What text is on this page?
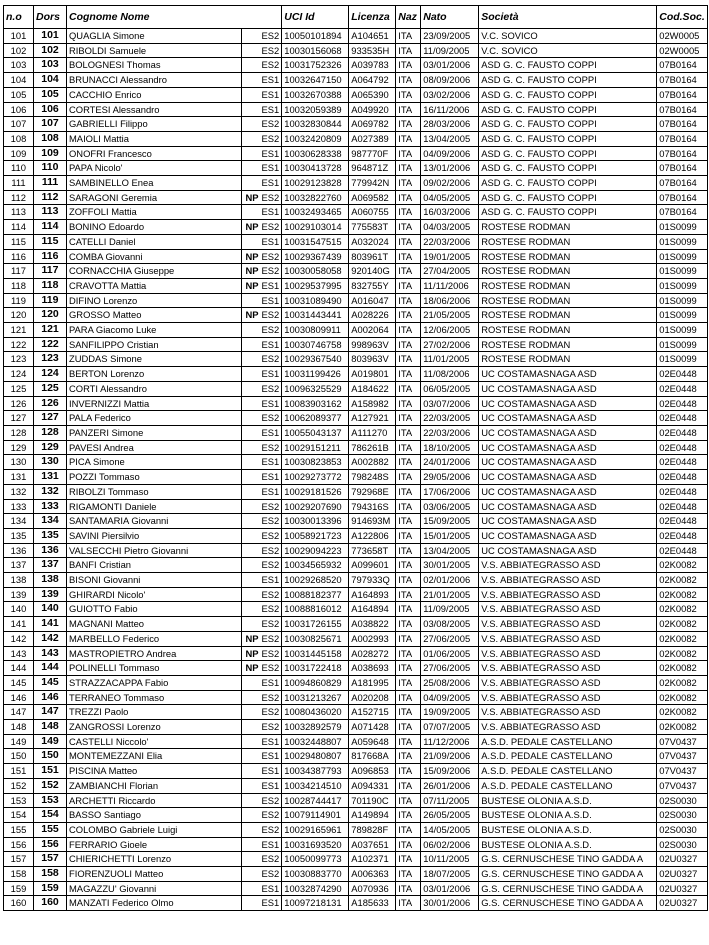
n.o	Dors	Cognome Nome			UCI Id	Licenza	Naz	Nato	Società	Cod.Soc.
101	101	QUAGLIA Simone		ES2	10050101894	A104651	ITA	23/09/2005	V.C. SOVICO	02W0005
102	102	RIBOLDI Samuele		ES2	10030156068	933535H	ITA	11/09/2005	V.C. SOVICO	02W0005
103	103	BOLOGNESI Thomas		ES2	10031752326	A039783	ITA	03/01/2006	ASD G. C. FAUSTO COPPI	07B0164
104	104	BRUNACCI Alessandro		ES1	10032647150	A064792	ITA	08/09/2006	ASD G. C. FAUSTO COPPI	07B0164
105	105	CACCHIO Enrico		ES1	10032670388	A065390	ITA	03/02/2006	ASD G. C. FAUSTO COPPI	07B0164
106	106	CORTESI Alessandro		ES1	10032059389	A049920	ITA	16/11/2006	ASD G. C. FAUSTO COPPI	07B0164
107	107	GABRIELLI Filippo		ES2	10032830844	A069782	ITA	28/03/2006	ASD G. C. FAUSTO COPPI	07B0164
108	108	MAIOLI Mattia		ES2	10032420809	A027389	ITA	13/04/2005	ASD G. C. FAUSTO COPPI	07B0164
109	109	ONOFRI Francesco		ES1	10030628338	987770F	ITA	04/09/2006	ASD G. C. FAUSTO COPPI	07B0164
110	110	PAPA Nicolo'		ES1	10030413728	964871Z	ITA	13/01/2006	ASD G. C. FAUSTO COPPI	07B0164
111	111	SAMBINELLO Enea		ES1	10029123828	779942N	ITA	09/02/2006	ASD G. C. FAUSTO COPPI	07B0164
112	112	SARAGONI Geremia	NP	ES2	10032822760	A069582	ITA	04/05/2005	ASD G. C. FAUSTO COPPI	07B0164
113	113	ZOFFOLI Mattia		ES1	10032493465	A060755	ITA	16/03/2006	ASD G. C. FAUSTO COPPI	07B0164
114	114	BONINO Edoardo	NP	ES2	10029103014	775583T	ITA	04/03/2005	ROSTESE RODMAN	01S0099
115	115	CATELLI Daniel		ES1	10031547515	A032024	ITA	22/03/2006	ROSTESE RODMAN	01S0099
116	116	COMBA Giovanni	NP	ES2	10029367439	803961T	ITA	19/01/2005	ROSTESE RODMAN	01S0099
117	117	CORNACCHIA Giuseppe	NP	ES2	10030058058	920140G	ITA	27/04/2005	ROSTESE RODMAN	01S0099
118	118	CRAVOTTA Mattia	NP	ES1	10029537995	832755Y	ITA	11/11/2006	ROSTESE RODMAN	01S0099
119	119	DIFINO Lorenzo		ES1	10031089490	A016047	ITA	18/06/2006	ROSTESE RODMAN	01S0099
120	120	GROSSO Matteo	NP	ES2	10031443441	A028226	ITA	21/05/2005	ROSTESE RODMAN	01S0099
121	121	PARA Giacomo Luke		ES2	10030809911	A002064	ITA	12/06/2005	ROSTESE RODMAN	01S0099
122	122	SANFILIPPO Cristian		ES1	10030746758	998963V	ITA	27/02/2006	ROSTESE RODMAN	01S0099
123	123	ZUDDAS Simone		ES2	10029367540	803963V	ITA	11/01/2005	ROSTESE RODMAN	01S0099
124	124	BERTON Lorenzo		ES1	10031199426	A019801	ITA	11/08/2006	UC COSTAMASNAGA ASD	02E0448
125	125	CORTI Alessandro		ES2	10096325529	A184622	ITA	06/05/2005	UC COSTAMASNAGA ASD	02E0448
126	126	INVERNIZZI Mattia		ES1	10083903162	A158982	ITA	03/07/2006	UC COSTAMASNAGA ASD	02E0448
127	127	PALA Federico		ES2	10062089377	A127921	ITA	22/03/2005	UC COSTAMASNAGA ASD	02E0448
128	128	PANZERI Simone		ES1	10055043137	A111270	ITA	22/03/2006	UC COSTAMASNAGA ASD	02E0448
129	129	PAVESI Andrea		ES2	10029151211	786261B	ITA	18/10/2005	UC COSTAMASNAGA ASD	02E0448
130	130	PICA Simone		ES1	10030823853	A002882	ITA	24/01/2006	UC COSTAMASNAGA ASD	02E0448
131	131	POZZI Tommaso		ES1	10029273772	798248S	ITA	29/05/2006	UC COSTAMASNAGA ASD	02E0448
132	132	RIBOLZI Tommaso		ES1	10029181526	792968E	ITA	17/06/2006	UC COSTAMASNAGA ASD	02E0448
133	133	RIGAMONTI Daniele		ES2	10029207690	794316S	ITA	03/06/2005	UC COSTAMASNAGA ASD	02E0448
134	134	SANTAMARIA Giovanni		ES2	10030013396	914693M	ITA	15/09/2005	UC COSTAMASNAGA ASD	02E0448
135	135	SAVINI Piersilvio		ES2	10058921723	A122806	ITA	15/01/2005	UC COSTAMASNAGA ASD	02E0448
136	136	VALSECCHI Pietro Giovanni		ES2	10029094223	773658T	ITA	13/04/2005	UC COSTAMASNAGA ASD	02E0448
137	137	BANFI Cristian		ES2	10034565932	A099601	ITA	30/01/2005	V.S. ABBIATEGRASSO ASD	02K0082
138	138	BISONI Giovanni		ES1	10029268520	797933Q	ITA	02/01/2006	V.S. ABBIATEGRASSO ASD	02K0082
139	139	GHIRARDI Nicolo'		ES2	10088182377	A164893	ITA	21/01/2005	V.S. ABBIATEGRASSO ASD	02K0082
140	140	GUIOTTO Fabio		ES2	10088816012	A164894	ITA	11/09/2005	V.S. ABBIATEGRASSO ASD	02K0082
141	141	MAGNANI Matteo		ES2	10031726155	A038822	ITA	03/08/2005	V.S. ABBIATEGRASSO ASD	02K0082
142	142	MARBELLO Federico	NP	ES2	10030825671	A002993	ITA	27/06/2005	V.S. ABBIATEGRASSO ASD	02K0082
143	143	MASTROPIETRO Andrea	NP	ES2	10031445158	A028272	ITA	01/06/2005	V.S. ABBIATEGRASSO ASD	02K0082
144	144	POLINELLI Tommaso	NP	ES2	10031722418	A038693	ITA	27/06/2005	V.S. ABBIATEGRASSO ASD	02K0082
145	145	STRAZZACAPPA Fabio		ES1	10094860829	A181995	ITA	25/08/2006	V.S. ABBIATEGRASSO ASD	02K0082
146	146	TERRANEO Tommaso		ES2	10031213267	A020208	ITA	04/09/2005	V.S. ABBIATEGRASSO ASD	02K0082
147	147	TREZZI Paolo		ES2	10080436020	A152715	ITA	19/09/2005	V.S. ABBIATEGRASSO ASD	02K0082
148	148	ZANGROSSI Lorenzo		ES2	10032892579	A071428	ITA	07/07/2005	V.S. ABBIATEGRASSO ASD	02K0082
149	149	CASTELLI Niccolo'		ES1	10032448807	A059648	ITA	11/12/2006	A.S.D. PEDALE CASTELLANO	07V0437
150	150	MONTEMEZZANI Elia		ES1	10029480807	817668A	ITA	21/09/2006	A.S.D. PEDALE CASTELLANO	07V0437
151	151	PISCINA Matteo		ES1	10034387793	A096853	ITA	15/09/2006	A.S.D. PEDALE CASTELLANO	07V0437
152	152	ZAMBIANCHI Florian		ES1	10034214510	A094331	ITA	26/01/2006	A.S.D. PEDALE CASTELLANO	07V0437
153	153	ARCHETTI Riccardo		ES2	10028744417	701190C	ITA	07/11/2005	BUSTESE OLONIA A.S.D.	02S0030
154	154	BASSO Santiago		ES2	10079114901	A149894	ITA	26/05/2005	BUSTESE OLONIA A.S.D.	02S0030
155	155	COLOMBO Gabriele Luigi		ES2	10029165961	789828F	ITA	14/05/2005	BUSTESE OLONIA A.S.D.	02S0030
156	156	FERRARIO Gioele		ES1	10031693520	A037651	ITA	06/02/2006	BUSTESE OLONIA A.S.D.	02S0030
157	157	CHIERICHETTI Lorenzo		ES2	10050099773	A102371	ITA	10/11/2005	G.S. CERNUSCHESE TINO GADDA A	02U0327
158	158	FIORENZUOLI Matteo		ES2	10030883770	A006363	ITA	18/07/2005	G.S. CERNUSCHESE TINO GADDA A	02U0327
159	159	MAGAZZU' Giovanni		ES1	10032874290	A070936	ITA	03/01/2006	G.S. CERNUSCHESE TINO GADDA A	02U0327
160	160	MANZATI Federico Olmo		ES1	10097218131	A185633	ITA	30/01/2006	G.S. CERNUSCHESE TINO GADDA A	02U0327
